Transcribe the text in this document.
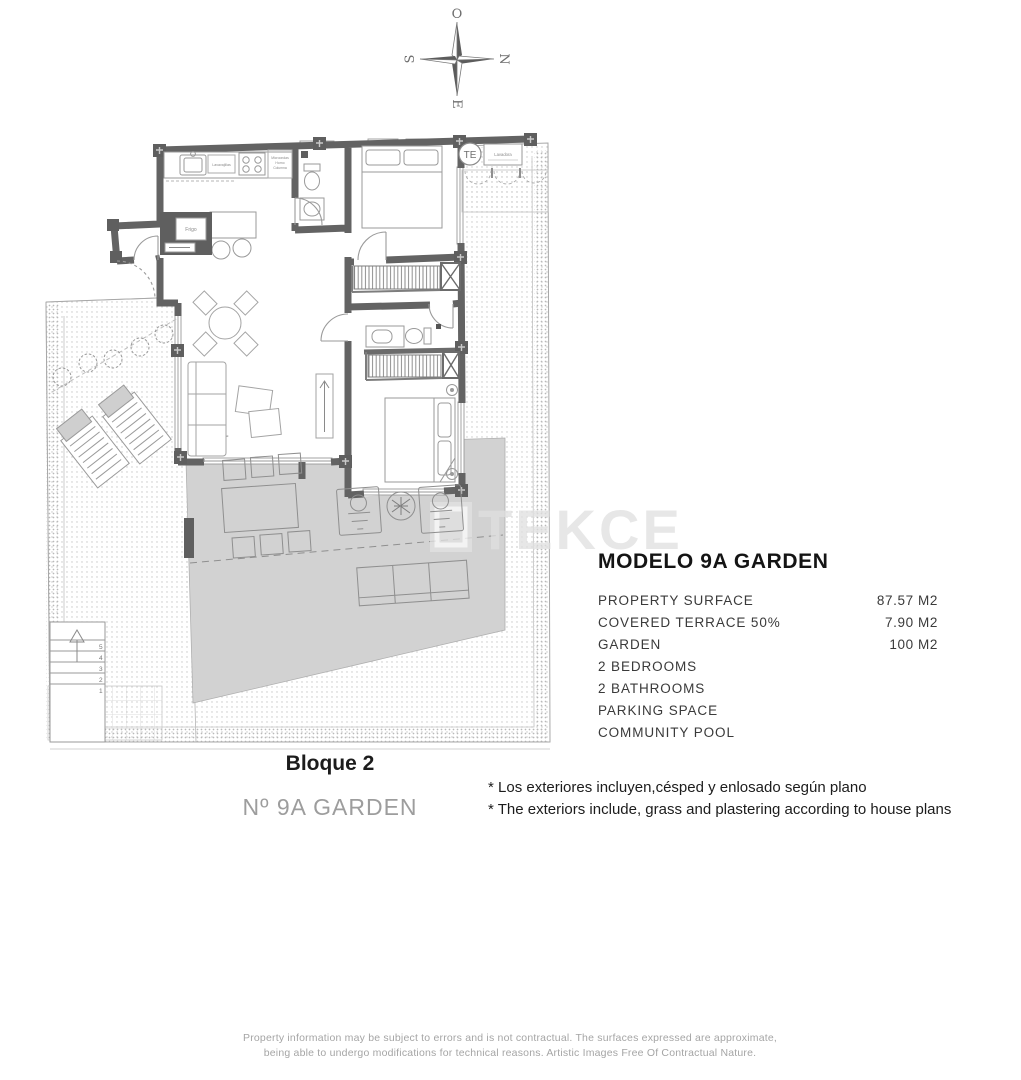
O
N
S
E
TEKCE
Frigo
Lavavajillas
Microondas
Horno
Columna
5
4
3
2
1
TE	Lavadora
MODELO 9A GARDEN
PROPERTY SURFACE	87.57 M2
COVERED TERRACE 50%	7.90 M2
GARDEN	100 M2
2 BEDROOMS
2 BATHROOMS
PARKING SPACE
COMMUNITY POOL
Bloque 2
Nº 9A GARDEN
* Los exteriores incluyen,césped y enlosado según plano
* The exteriors include, grass and plastering according to house plans
Property information may be subject to errors and is not contractual. The surfaces expressed are approximate,
being able to undergo modifications for technical reasons. Artistic Images Free Of Contractual Nature.
